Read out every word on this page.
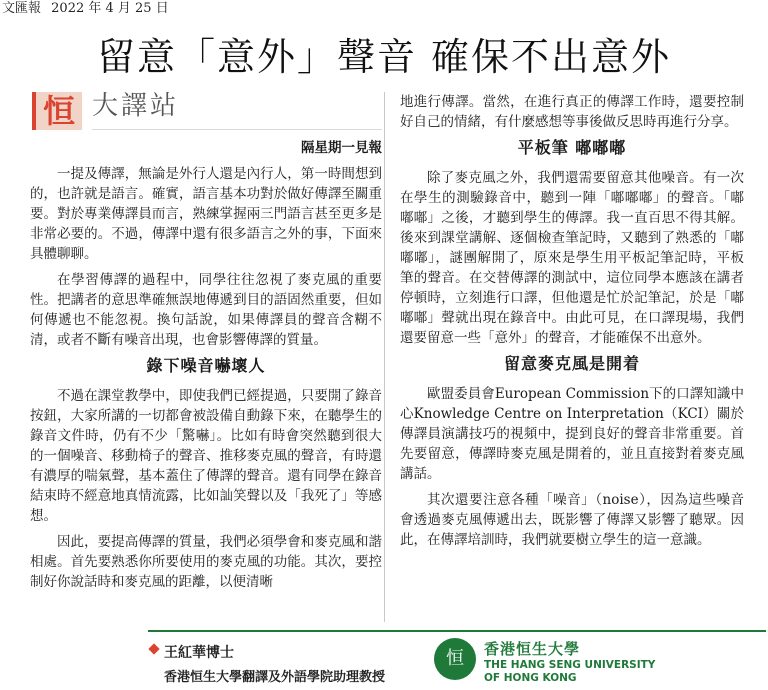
文匯報 2022 年 4 月 25 日
留意「意外」聲音 確保不出意外
恒 大譯站
隔星期一見報

一提及傳譯，無論是外行人還是內行人，第一時間想到的，也許就是語言。確實，語言基本功對於做好傳譯至關重要。對於專業傳譯員而言，熟練掌握兩三門語言甚至更多是非常必要的。不過，傳譯中還有很多語言之外的事，下面來具體聊聊。

在學習傳譯的過程中，同學往往忽視了麥克風的重要性。把講者的意思準確無誤地傳遞到目的語固然重要，但如何傳遞也不能忽視。換句話說，如果傳譯員的聲音含糊不清，或者不斷有噪音出現，也會影響傳譯的質量。

錄下噪音嚇壞人

不過在課堂教學中，即使我們已經提過，只要開了錄音按鈕，大家所講的一切都會被設備自動錄下來，在聽學生的錄音文件時，仍有不少「驚嚇」。比如有時會突然聽到很大的一個噪音、移動椅子的聲音、推移麥克風的聲音，有時還有濃厚的喘氣聲，基本蓋住了傳譯的聲音。還有同學在錄音結束時不經意地真情流露，比如訕笑聲以及「我死了」等感想。

因此，要提高傳譯的質量，我們必須學會和麥克風和諧相處。首先要熟悉你所要使用的麥克風的功能。其次，要控制好你說話時和麥克風的距離，以便清晰

地進行傳譯。當然，在進行真正的傳譯工作時，還要控制好自己的情緒，有什麼感想等事後做反思時再進行分享。

平板筆 嘟嘟嘟

除了麥克風之外，我們還需要留意其他噪音。有一次在學生的測驗錄音中，聽到一陣「嘟嘟嘟」的聲音。「嘟嘟嘟」之後，才聽到學生的傳譯。我一直百思不得其解。後來到課堂講解、逐個檢查筆記時，又聽到了熟悉的「嘟嘟嘟」，謎團解開了，原來是學生用平板記筆記時，平板筆的聲音。在交替傳譯的測試中，這位同學本應該在講者停頓時，立刻進行口譯，但他還是忙於記筆記，於是「嘟嘟嘟」聲就出現在錄音中。由此可見，在口譯現場，我們還要留意一些「意外」的聲音，才能確保不出意外。

留意麥克風是開着

歐盟委員會European Commission下的口譯知識中心Knowledge Centre on Interpretation（KCI）關於傳譯員演講技巧的視頻中，提到良好的聲音非常重要。首先要留意，傳譯時麥克風是開着的，並且直接對着麥克風講話。

其次還要注意各種「噪音」（noise），因為這些噪音會透過麥克風傳遞出去，既影響了傳譯又影響了聽眾。因此，在傳譯培訓時，我們就要樹立學生的這一意識。

王紅華博士
香港恒生大學翻譯及外語學院助理教授
恒	香港恒生大學
THE HANG SENG UNIVERSITY
OF HONG KONG
